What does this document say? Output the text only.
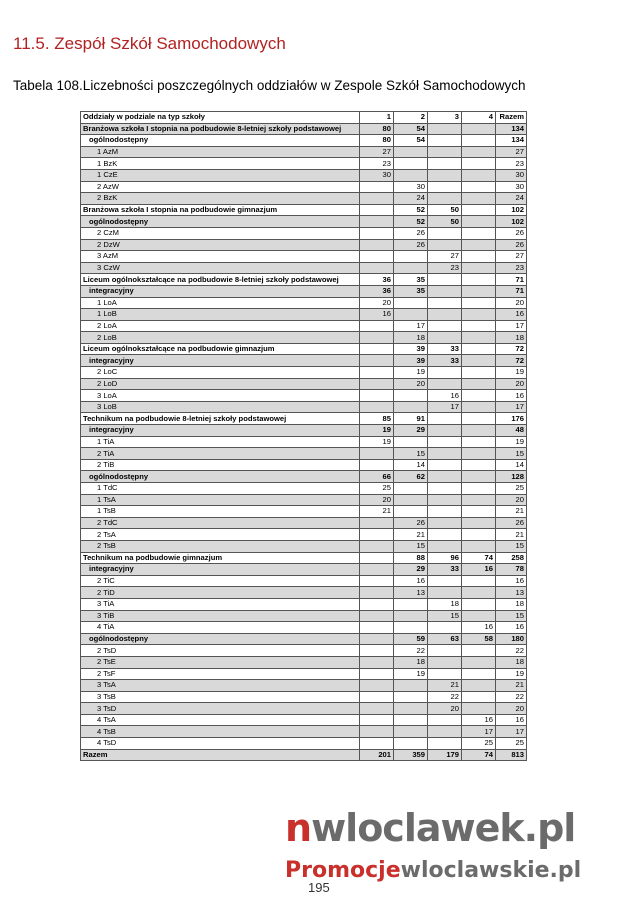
11.5. Zespół Szkół Samochodowych
Tabela 108.Liczebności poszczególnych oddziałów w Zespole Szkół Samochodowych
Oddziały w podziale na typ szkoły	1	2	3	4	Razem
Branżowa szkoła I stopnia na podbudowie 8-letniej szkoły podstawowej	80	54			134
ogólnodostępny	80	54			134
1 AzM	27				27
1 BzK	23				23
1 CzE	30				30
2 AzW		30			30
2 BzK		24			24
Branżowa szkoła I stopnia na podbudowie gimnazjum		52	50		102
ogólnodostępny		52	50		102
2 CzM		26			26
2 DzW		26			26
3 AzM			27		27
3 CzW			23		23
Liceum ogólnokształcące na podbudowie 8-letniej szkoły podstawowej	36	35			71
integracyjny	36	35			71
1 LoA	20				20
1 LoB	16				16
2 LoA		17			17
2 LoB		18			18
Liceum ogólnokształcące na podbudowie gimnazjum		39	33		72
integracyjny		39	33		72
2 LoC		19			19
2 LoD		20			20
3 LoA			16		16
3 LoB			17		17
Technikum na podbudowie 8-letniej szkoły podstawowej	85	91			176
integracyjny	19	29			48
1 TiA	19				19
2 TiA		15			15
2 TiB		14			14
ogólnodostępny	66	62			128
1 TdC	25				25
1 TsA	20				20
1 TsB	21				21
2 TdC		26			26
2 TsA		21			21
2 TsB		15			15
Technikum na podbudowie gimnazjum		88	96	74	258
integracyjny		29	33	16	78
2 TiC		16			16
2 TiD		13			13
3 TiA			18		18
3 TiB			15		15
4 TiA				16	16
ogólnodostępny		59	63	58	180
2 TsD		22			22
2 TsE		18			18
2 TsF		19			19
3 TsA			21		21
3 TsB			22		22
3 TsD			20		20
4 TsA				16	16
4 TsB				17	17
4 TsD				25	25
Razem	201	359	179	74	813
nwloclawek.pl
Promocjewloclawskie.pl
195
